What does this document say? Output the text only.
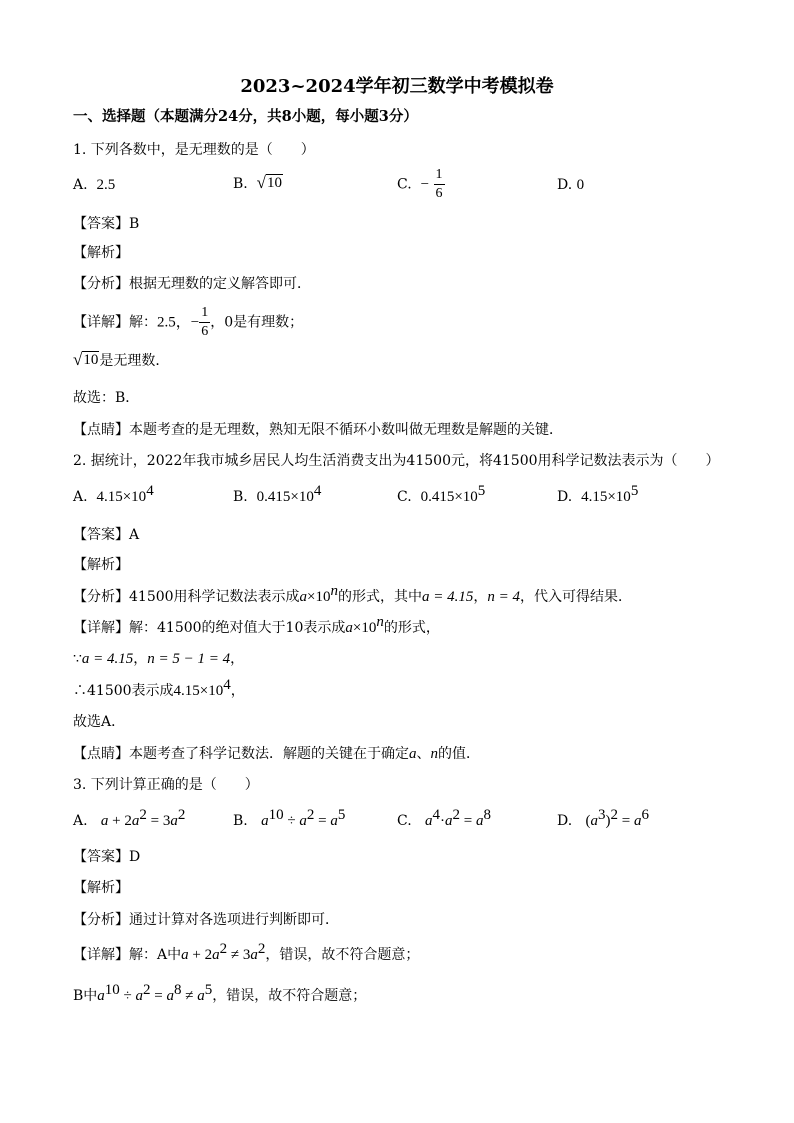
2023~2024学年初三数学中考模拟卷
一、选择题（本题满分24分，共8小题，每小题3分）
1. 下列各数中，是无理数的是（　　）
A. 2.5	B. √ 10	C. − $\frac{1}{6}$	D. 0
【答案】B
【解析】
【分析】根据无理数的定义解答即可．
【详解】解：2.5，− $\frac{1}{6}$ ，0是有理数；
√ 10 是无理数．
故选：B．
【点睛】本题考查的是无理数，熟知无限不循环小数叫做无理数是解题的关键．
2. 据统计，2022年我市城乡居民人均生活消费支出为41500元，将41500用科学记数法表示为（　　）
A. $4.15\times 10^4$	B. $0.415\times 10^4$	C. $0.415\times 10^5$	D. $4.15\times 10^5$
【答案】A
【解析】
【分析】41500用科学记数法表示成$a\times 10^n$的形式，其中a = 4.15，n = 4，代入可得结果．
【详解】解：41500的绝对值大于10表示成$a\times 10^n$的形式，
∵a = 4.15，n = 5 − 1 = 4，
∴41500表示成$4.15\times 10^4$，
故选A．
【点睛】本题考查了科学记数法．解题的关键在于确定a、n的值．
3. 下列计算正确的是（　　）
A. $a + 2a^2 = 3a^2$	B. $a^{10} \div a^2 = a^5$	C. $a^4\cdot a^2 = a^8$	D. $(a^3)^2 = a^6$
【答案】D
【解析】
【分析】通过计算对各选项进行判断即可．
【详解】解：A中$a + 2a^2 \ne 3a^2$，错误，故不符合题意；
B中$a^{10} \div a^2 = a^8 \ne a^5$，错误，故不符合题意；
